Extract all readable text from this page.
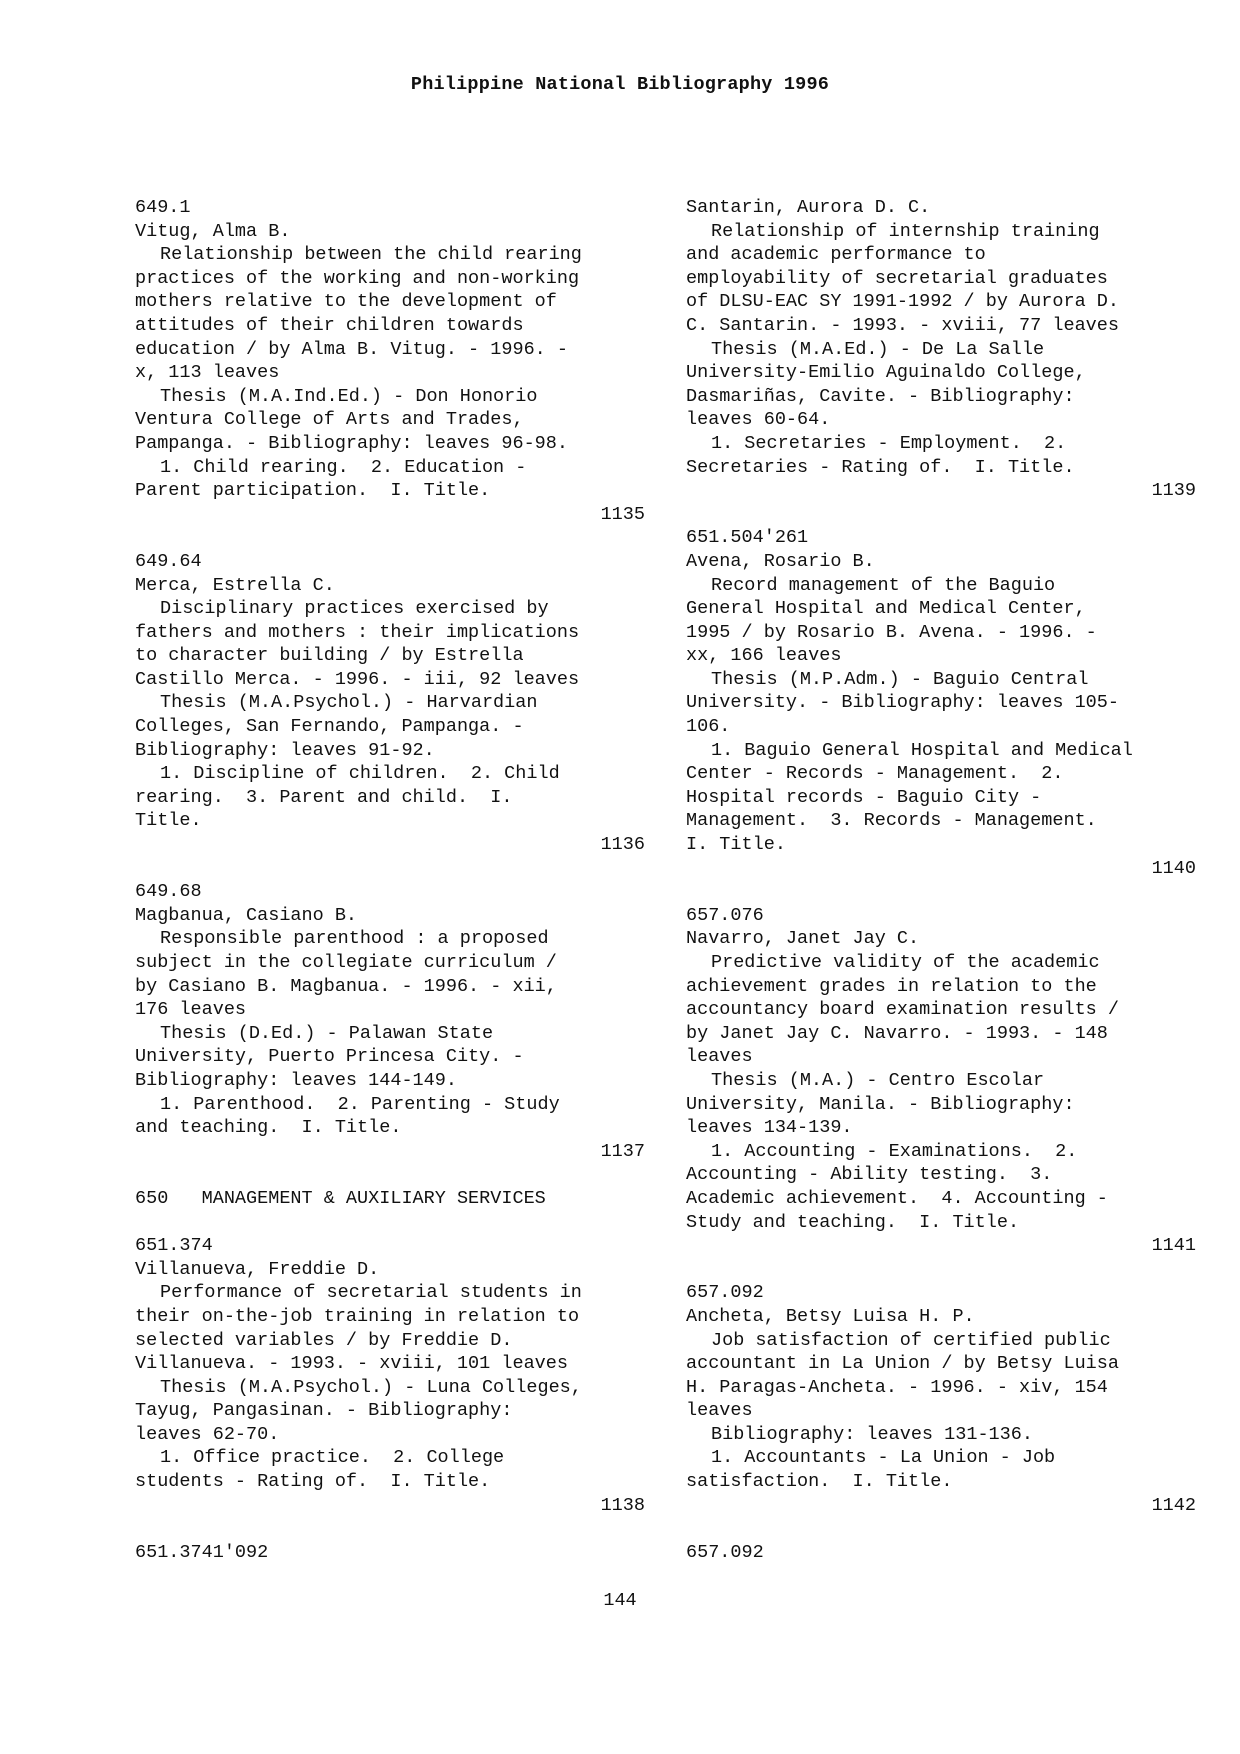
Philippine National Bibliography 1996
649.1
Vitug, Alma B.
Relationship between the child rearing
practices of the working and non-working
mothers relative to the development of
attitudes of their children towards
education / by Alma B. Vitug. - 1996. -
x, 113 leaves
Thesis (M.A.Ind.Ed.) - Don Honorio
Ventura College of Arts and Trades,
Pampanga. - Bibliography: leaves 96-98.
1. Child rearing.  2. Education -
Parent participation.  I. Title.
1135
649.64
Merca, Estrella C.
Disciplinary practices exercised by
fathers and mothers : their implications
to character building / by Estrella
Castillo Merca. - 1996. - iii, 92 leaves
Thesis (M.A.Psychol.) - Harvardian
Colleges, San Fernando, Pampanga. -
Bibliography: leaves 91-92.
1. Discipline of children.  2. Child
rearing.  3. Parent and child.  I.
Title.
1136
649.68
Magbanua, Casiano B.
Responsible parenthood : a proposed
subject in the collegiate curriculum /
by Casiano B. Magbanua. - 1996. - xii,
176 leaves
Thesis (D.Ed.) - Palawan State
University, Puerto Princesa City. -
Bibliography: leaves 144-149.
1. Parenthood.  2. Parenting - Study
and teaching.  I. Title.
1137
650   MANAGEMENT & AUXILIARY SERVICES
651.374
Villanueva, Freddie D.
Performance of secretarial students in
their on-the-job training in relation to
selected variables / by Freddie D.
Villanueva. - 1993. - xviii, 101 leaves
Thesis (M.A.Psychol.) - Luna Colleges,
Tayug, Pangasinan. - Bibliography:
leaves 62-70.
1. Office practice.  2. College
students - Rating of.  I. Title.
1138
651.3741'092
Santarin, Aurora D. C.
Relationship of internship training
and academic performance to
employability of secretarial graduates
of DLSU-EAC SY 1991-1992 / by Aurora D.
C. Santarin. - 1993. - xviii, 77 leaves
Thesis (M.A.Ed.) - De La Salle
University-Emilio Aguinaldo College,
Dasmariñas, Cavite. - Bibliography:
leaves 60-64.
1. Secretaries - Employment.  2.
Secretaries - Rating of.  I. Title.
1139
651.504'261
Avena, Rosario B.
Record management of the Baguio
General Hospital and Medical Center,
1995 / by Rosario B. Avena. - 1996. -
xx, 166 leaves
Thesis (M.P.Adm.) - Baguio Central
University. - Bibliography: leaves 105-
106.
1. Baguio General Hospital and Medical
Center - Records - Management.  2.
Hospital records - Baguio City -
Management.  3. Records - Management.
I. Title.
1140
657.076
Navarro, Janet Jay C.
Predictive validity of the academic
achievement grades in relation to the
accountancy board examination results /
by Janet Jay C. Navarro. - 1993. - 148
leaves
Thesis (M.A.) - Centro Escolar
University, Manila. - Bibliography:
leaves 134-139.
1. Accounting - Examinations.  2.
Accounting - Ability testing.  3.
Academic achievement.  4. Accounting -
Study and teaching.  I. Title.
1141
657.092
Ancheta, Betsy Luisa H. P.
Job satisfaction of certified public
accountant in La Union / by Betsy Luisa
H. Paragas-Ancheta. - 1996. - xiv, 154
leaves
Bibliography: leaves 131-136.
1. Accountants - La Union - Job
satisfaction.  I. Title.
1142
657.092
144
